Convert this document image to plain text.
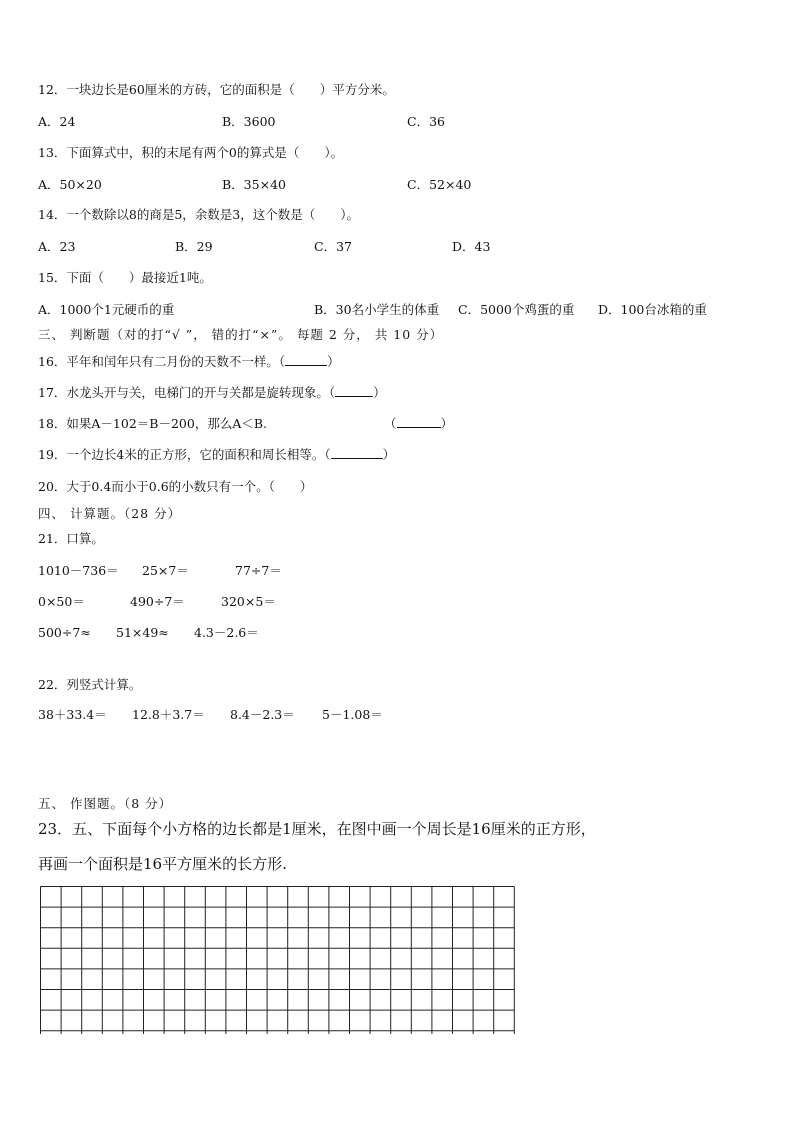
12．一块边长是60厘米的方砖，它的面积是（　　）平方分米。
A．24	B．3600	C．36
13．下面算式中，积的末尾有两个0的算式是（　　）。
A．50×20	B．35×40	C．52×40
14．一个数除以8的商是5，余数是3，这个数是（　　）。
A．23	B．29	C．37	D．43
15．下面（　　）最接近1吨。
A．1000个1元硬币的重	B．30名小学生的体重 C．5000个鸡蛋的重 D．100台冰箱的重
三、 判断题（对的打“√ ”， 错的打“×”。 每题 2 分， 共 10 分）
16．平年和闰年只有二月份的天数不一样。（	）
17．水龙头开与关，电梯门的开与关都是旋转现象。（	）
18．如果A－102＝B－200，那么A＜B.	（	）
19．一个边长4米的正方形，它的面积和周长相等。（	）
20．大于0.4而小于0.6的小数只有一个。（　　）
四、 计算题。（28 分）
21．口算。
1010－736＝ 25×7＝	77÷7＝
0×50＝	490÷7＝	320×5＝
500÷7≈ 51×49≈ 4.3－2.6＝
22．列竖式计算。
38＋33.4＝ 12.8＋3.7＝ 8.4－2.3＝ 5－1.08＝
五、 作图题。（8 分）
23．五、下面每个小方格的边长都是1厘米，在图中画一个周长是16厘米的正方形，
再画一个面积是16平方厘米的长方形.
